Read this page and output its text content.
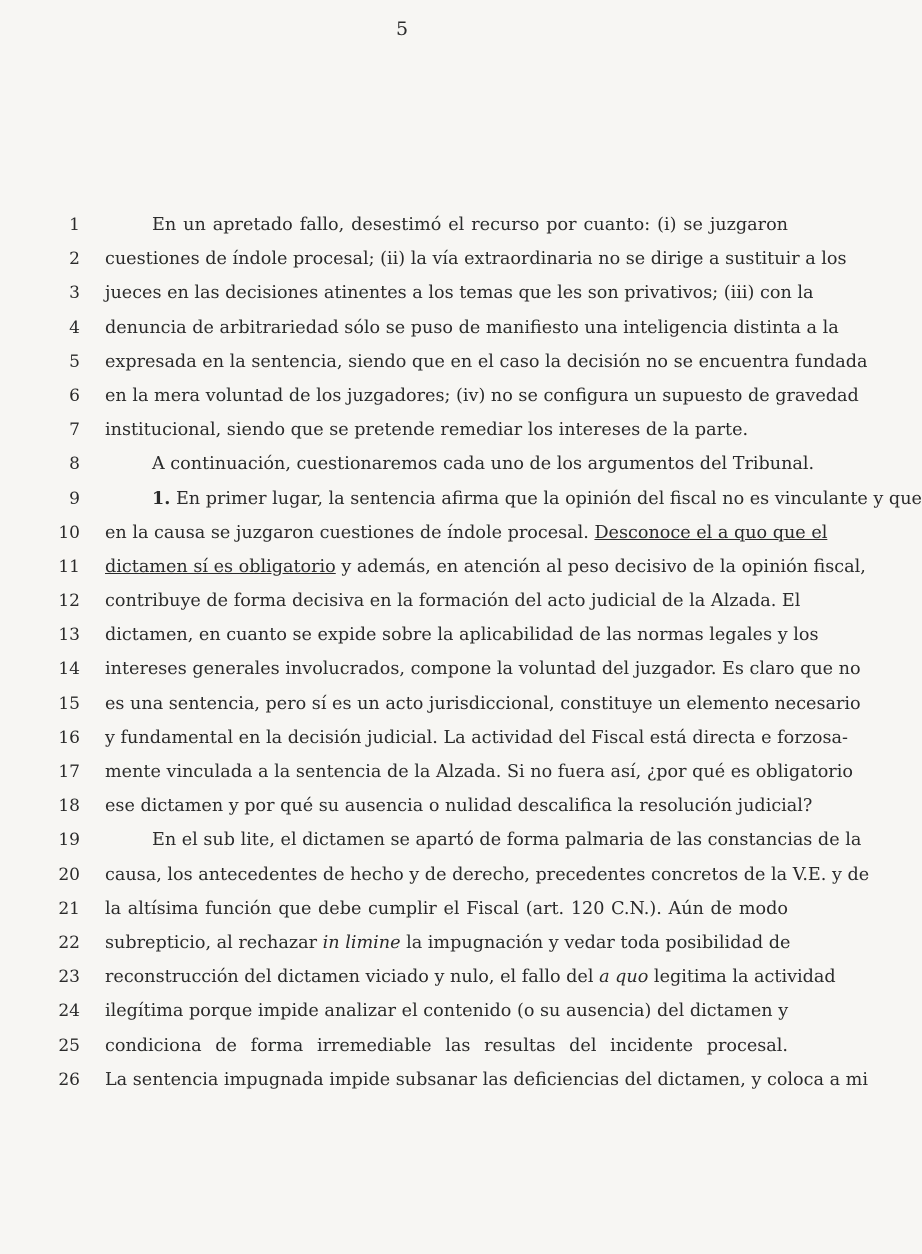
5
1	En un apretado fallo, desestimó el recurso por cuanto: (i) se juzgaron
2 cuestiones de índole procesal; (ii) la vía extraordinaria no se dirige a sustituir a los
3 jueces en las decisiones atinentes a los temas que les son privativos; (iii) con la
4 denuncia de arbitrariedad sólo se puso de manifiesto una inteligencia distinta a la
5 expresada en la sentencia, siendo que en el caso la decisión no se encuentra fundada
6 en la mera voluntad de los juzgadores; (iv) no se configura un supuesto de gravedad
7 institucional, siendo que se pretende remediar los intereses de la parte.
8	A continuación, cuestionaremos cada uno de los argumentos del Tribunal.
9	1. En primer lugar, la sentencia afirma que la opinión del fiscal no es vinculante y que
10 en la causa se juzgaron cuestiones de índole procesal. Desconoce el a quo que el
11 dictamen sí es obligatorio y además, en atención al peso decisivo de la opinión fiscal,
12 contribuye de forma decisiva en la formación del acto judicial de la Alzada. El
13 dictamen, en cuanto se expide sobre la aplicabilidad de las normas legales y los
14 intereses generales involucrados, compone la voluntad del juzgador. Es claro que no
15 es una sentencia, pero sí es un acto jurisdiccional, constituye un elemento necesario
16 y fundamental en la decisión judicial. La actividad del Fiscal está directa e forzosa-
17 mente vinculada a la sentencia de la Alzada. Si no fuera así, ¿por qué es obligatorio
18 ese dictamen y por qué su ausencia o nulidad descalifica la resolución judicial?
19	En el sub lite, el dictamen se apartó de forma palmaria de las constancias de la
20 causa, los antecedentes de hecho y de derecho, precedentes concretos de la V.E. y de
21 la altísima función que debe cumplir el Fiscal (art. 120 C.N.). Aún de modo
22 subrepticio, al rechazar in limine la impugnación y vedar toda posibilidad de
23 reconstrucción del dictamen viciado y nulo, el fallo del a quo legitima la actividad
24 ilegítima porque impide analizar el contenido (o su ausencia) del dictamen y
25 condiciona de forma irremediable las resultas del incidente procesal.
26 La sentencia impugnada impide subsanar las deficiencias del dictamen, y coloca a mi
